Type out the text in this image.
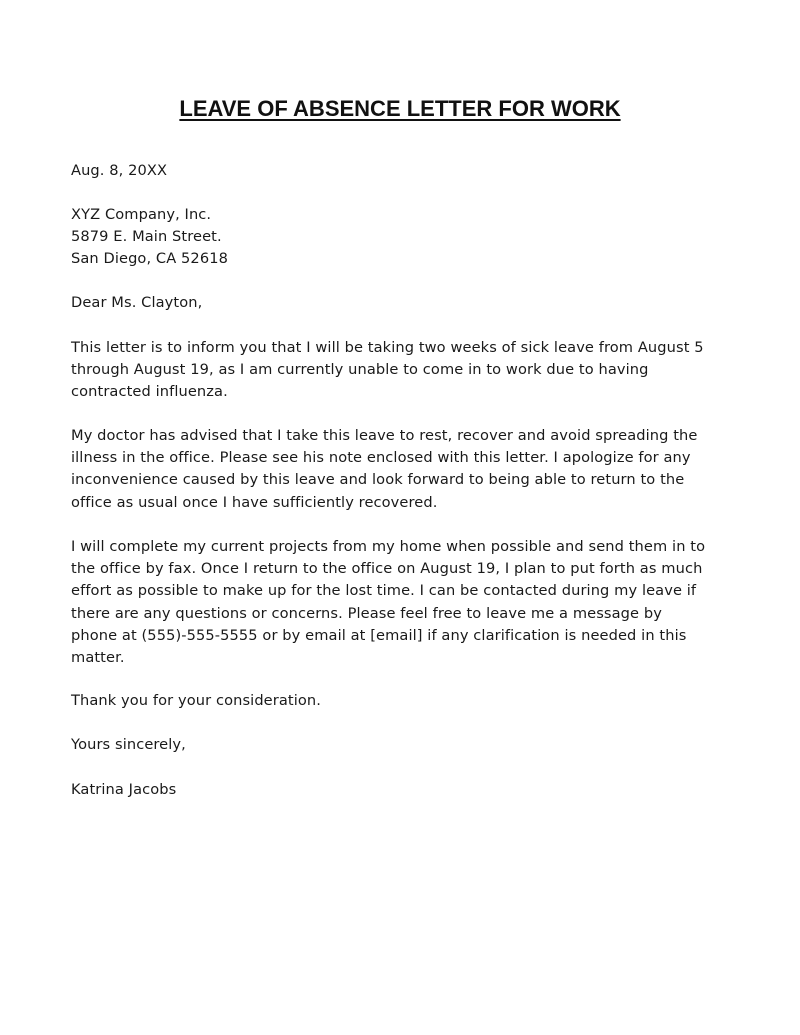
LEAVE OF ABSENCE LETTER FOR WORK

Aug. 8, 20XX

XYZ Company, Inc.
5879 E. Main Street.
San Diego, CA 52618

Dear Ms. Clayton,

This letter is to inform you that I will be taking two weeks of sick leave from August 5
through August 19, as I am currently unable to come in to work due to having
contracted influenza.

My doctor has advised that I take this leave to rest, recover and avoid spreading the
illness in the office. Please see his note enclosed with this letter. I apologize for any
inconvenience caused by this leave and look forward to being able to return to the
office as usual once I have sufficiently recovered.

I will complete my current projects from my home when possible and send them in to
the office by fax. Once I return to the office on August 19, I plan to put forth as much
effort as possible to make up for the lost time. I can be contacted during my leave if
there are any questions or concerns. Please feel free to leave me a message by
phone at (555)-555-5555 or by email at [email] if any clarification is needed in this
matter.

Thank you for your consideration.

Yours sincerely,

Katrina Jacobs
